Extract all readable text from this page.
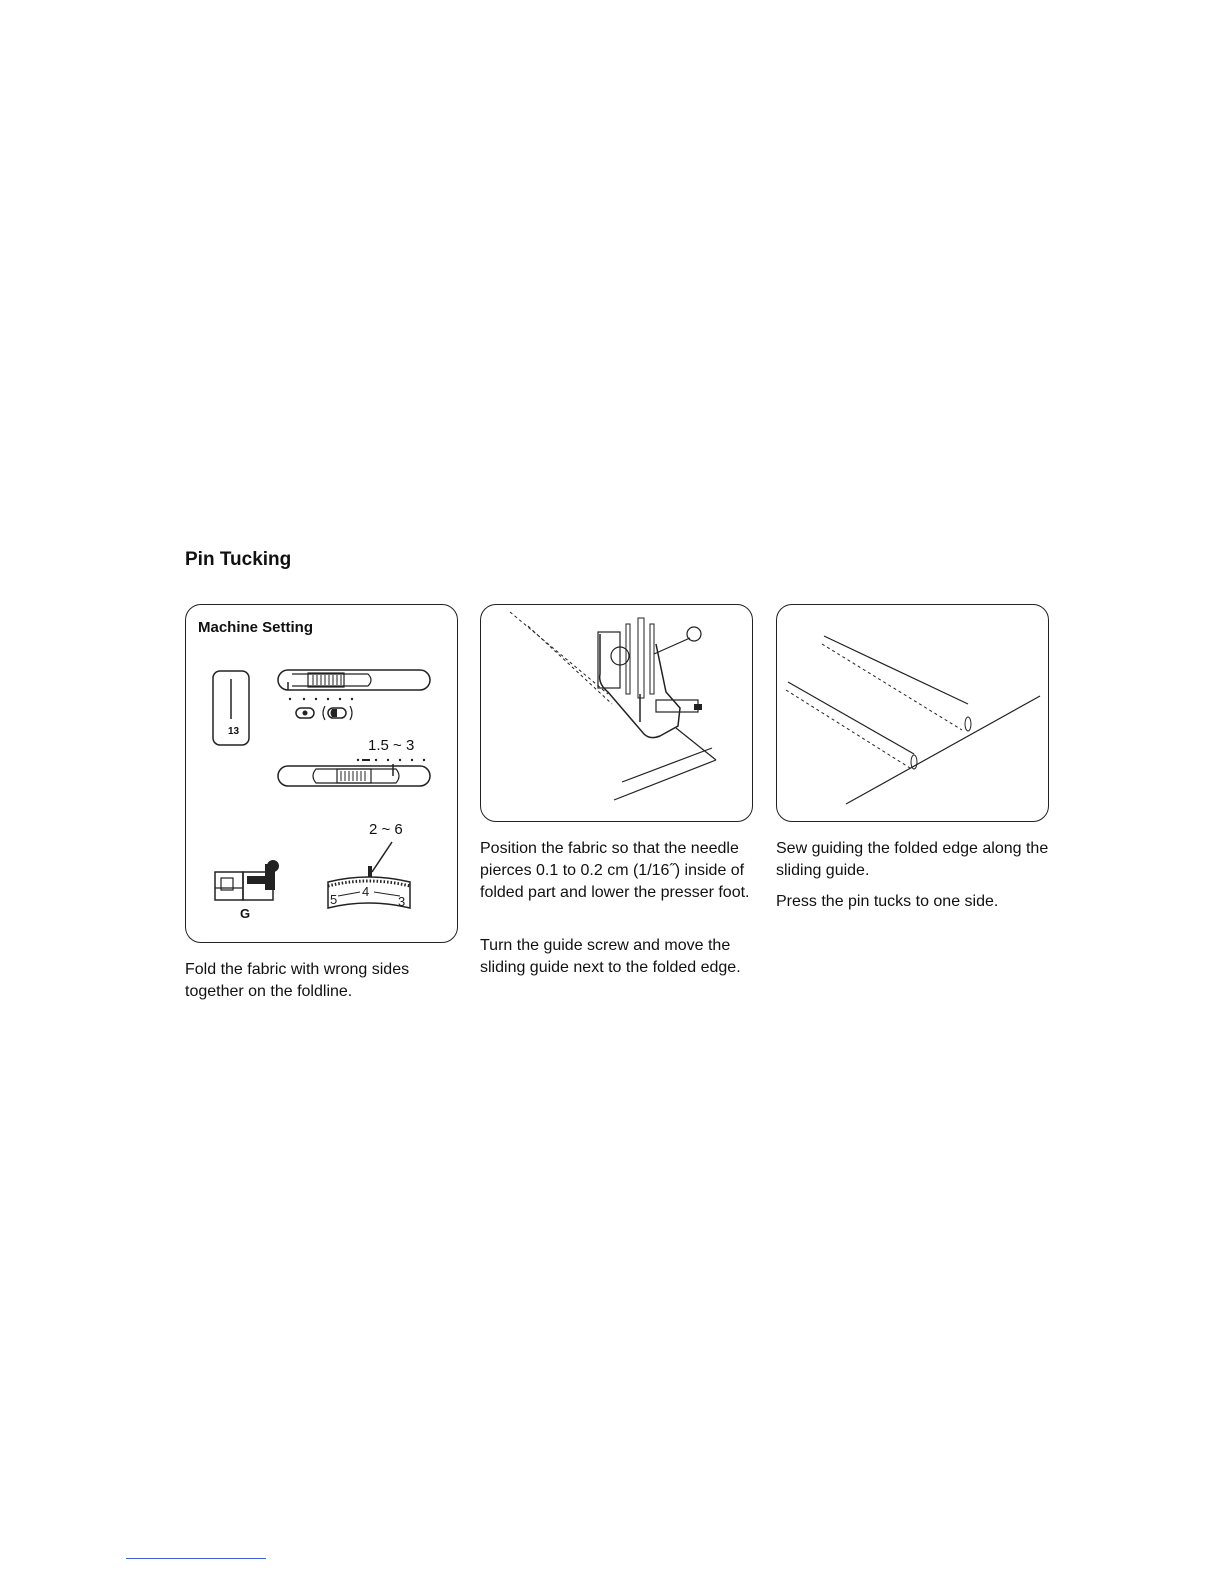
Pin Tucking
Machine Setting
13
1.5 ~ 3
2 ~ 6
G
5
4
3
Fold the fabric with wrong sides together on the foldline.
Position the fabric so that the needle pierces 0.1 to 0.2 cm (1/16˝) inside of folded part and lower the presser foot.
Turn the guide screw and move the sliding guide next to the folded edge.
Sew guiding the folded edge along the sliding guide.
Press the pin tucks to one side.
